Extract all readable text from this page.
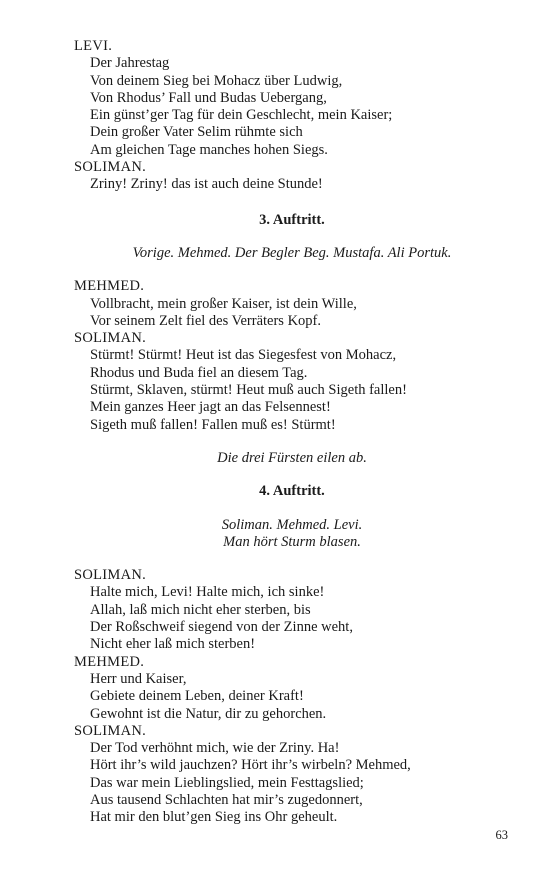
LEVI.
Der Jahrestag
Von deinem Sieg bei Mohacz über Ludwig,
Von Rhodus’ Fall und Budas Uebergang,
Ein günst’ger Tag für dein Geschlecht, mein Kaiser;
Dein großer Vater Selim rühmte sich
Am gleichen Tage manches hohen Siegs.
SOLIMAN.
Zriny! Zriny! das ist auch deine Stunde!
3. Auftritt.
Vorige. Mehmed. Der Begler Beg. Mustafa. Ali Portuk.
MEHMED.
Vollbracht, mein großer Kaiser, ist dein Wille,
Vor seinem Zelt fiel des Verräters Kopf.
SOLIMAN.
Stürmt! Stürmt! Heut ist das Siegesfest von Mohacz,
Rhodus und Buda fiel an diesem Tag.
Stürmt, Sklaven, stürmt! Heut muß auch Sigeth fallen!
Mein ganzes Heer jagt an das Felsennest!
Sigeth muß fallen! Fallen muß es! Stürmt!
Die drei Fürsten eilen ab.
4. Auftritt.
Soliman. Mehmed. Levi.
Man hört Sturm blasen.
SOLIMAN.
Halte mich, Levi! Halte mich, ich sinke!
Allah, laß mich nicht eher sterben, bis
Der Roßschweif siegend von der Zinne weht,
Nicht eher laß mich sterben!
MEHMED.
Herr und Kaiser,
Gebiete deinem Leben, deiner Kraft!
Gewohnt ist die Natur, dir zu gehorchen.
SOLIMAN.
Der Tod verhöhnt mich, wie der Zriny. Ha!
Hört ihr’s wild jauchzen? Hört ihr’s wirbeln? Mehmed,
Das war mein Lieblingslied, mein Festtagslied;
Aus tausend Schlachten hat mir’s zugedonnert,
Hat mir den blut’gen Sieg ins Ohr geheult.
63
